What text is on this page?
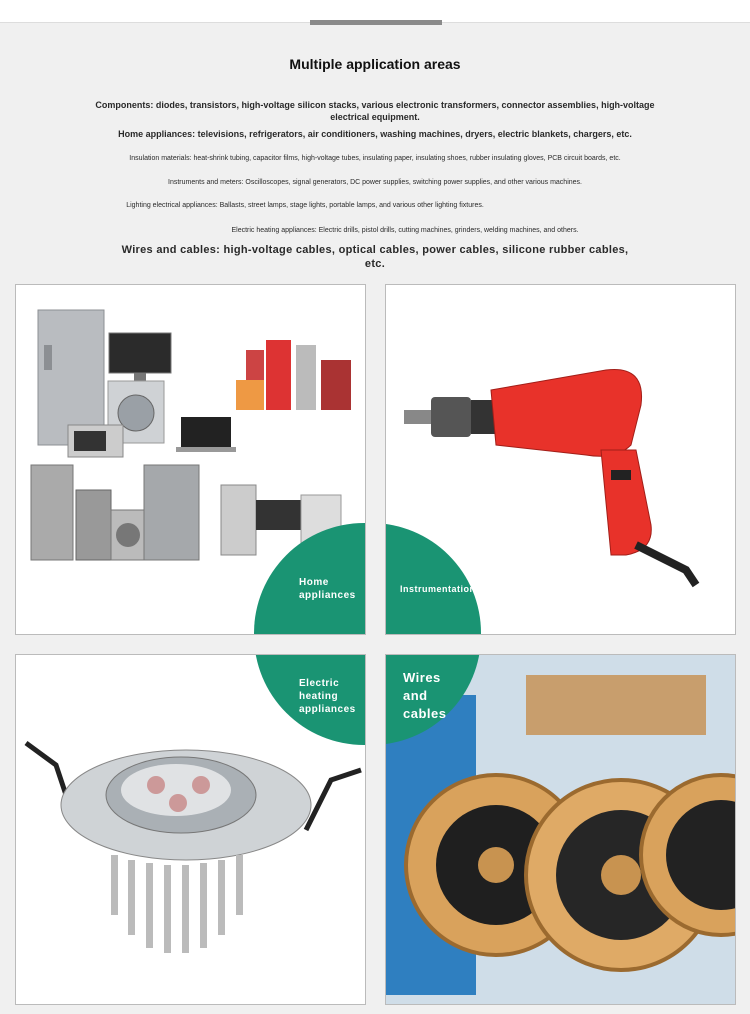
Multiple application areas
Components: diodes, transistors, high-voltage silicon stacks, various electronic transformers, connector assemblies, high-voltage electrical equipment.
Home appliances: televisions, refrigerators, air conditioners, washing machines, dryers, electric blankets, chargers, etc.
Insulation materials: heat-shrink tubing, capacitor films, high-voltage tubes, insulating paper, insulating shoes, rubber insulating gloves, PCB circuit boards, etc.
Instruments and meters: Oscilloscopes, signal generators, DC power supplies, switching power supplies, and other various machines.
Lighting electrical appliances: Ballasts, street lamps, stage lights, portable lamps, and various other lighting fixtures.
Electric heating appliances: Electric drills, pistol drills, cutting machines, grinders, welding machines, and others.
Wires and cables: high-voltage cables, optical cables, power cables, silicone rubber cables, etc.
Home appliances
Instrumentation
Electric heating appliances
Wires and cables
